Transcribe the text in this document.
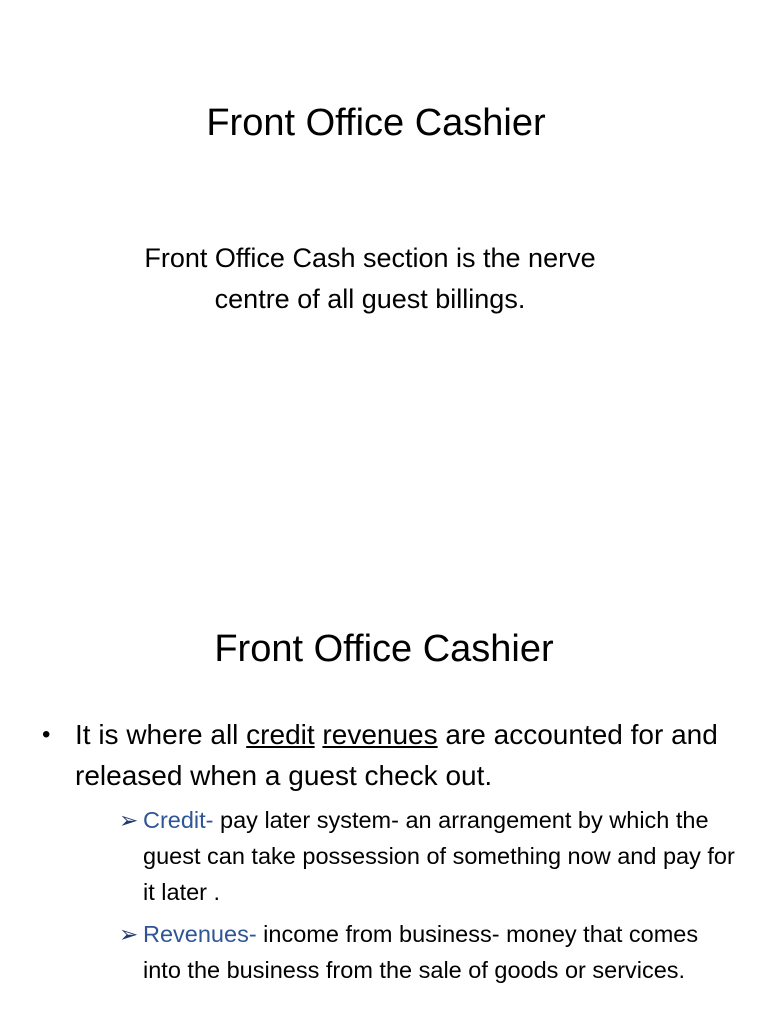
Front Office Cashier
Front Office Cash section is the nerve
centre of all guest billings.
Front Office Cashier
• It is where all credit revenues are accounted for and released when a guest check out.
➢ Credit- pay later system- an arrangement by which the guest can take possession of something now and pay for it later .
➢ Revenues- income from business- money that comes into the business from the sale of goods or services.
